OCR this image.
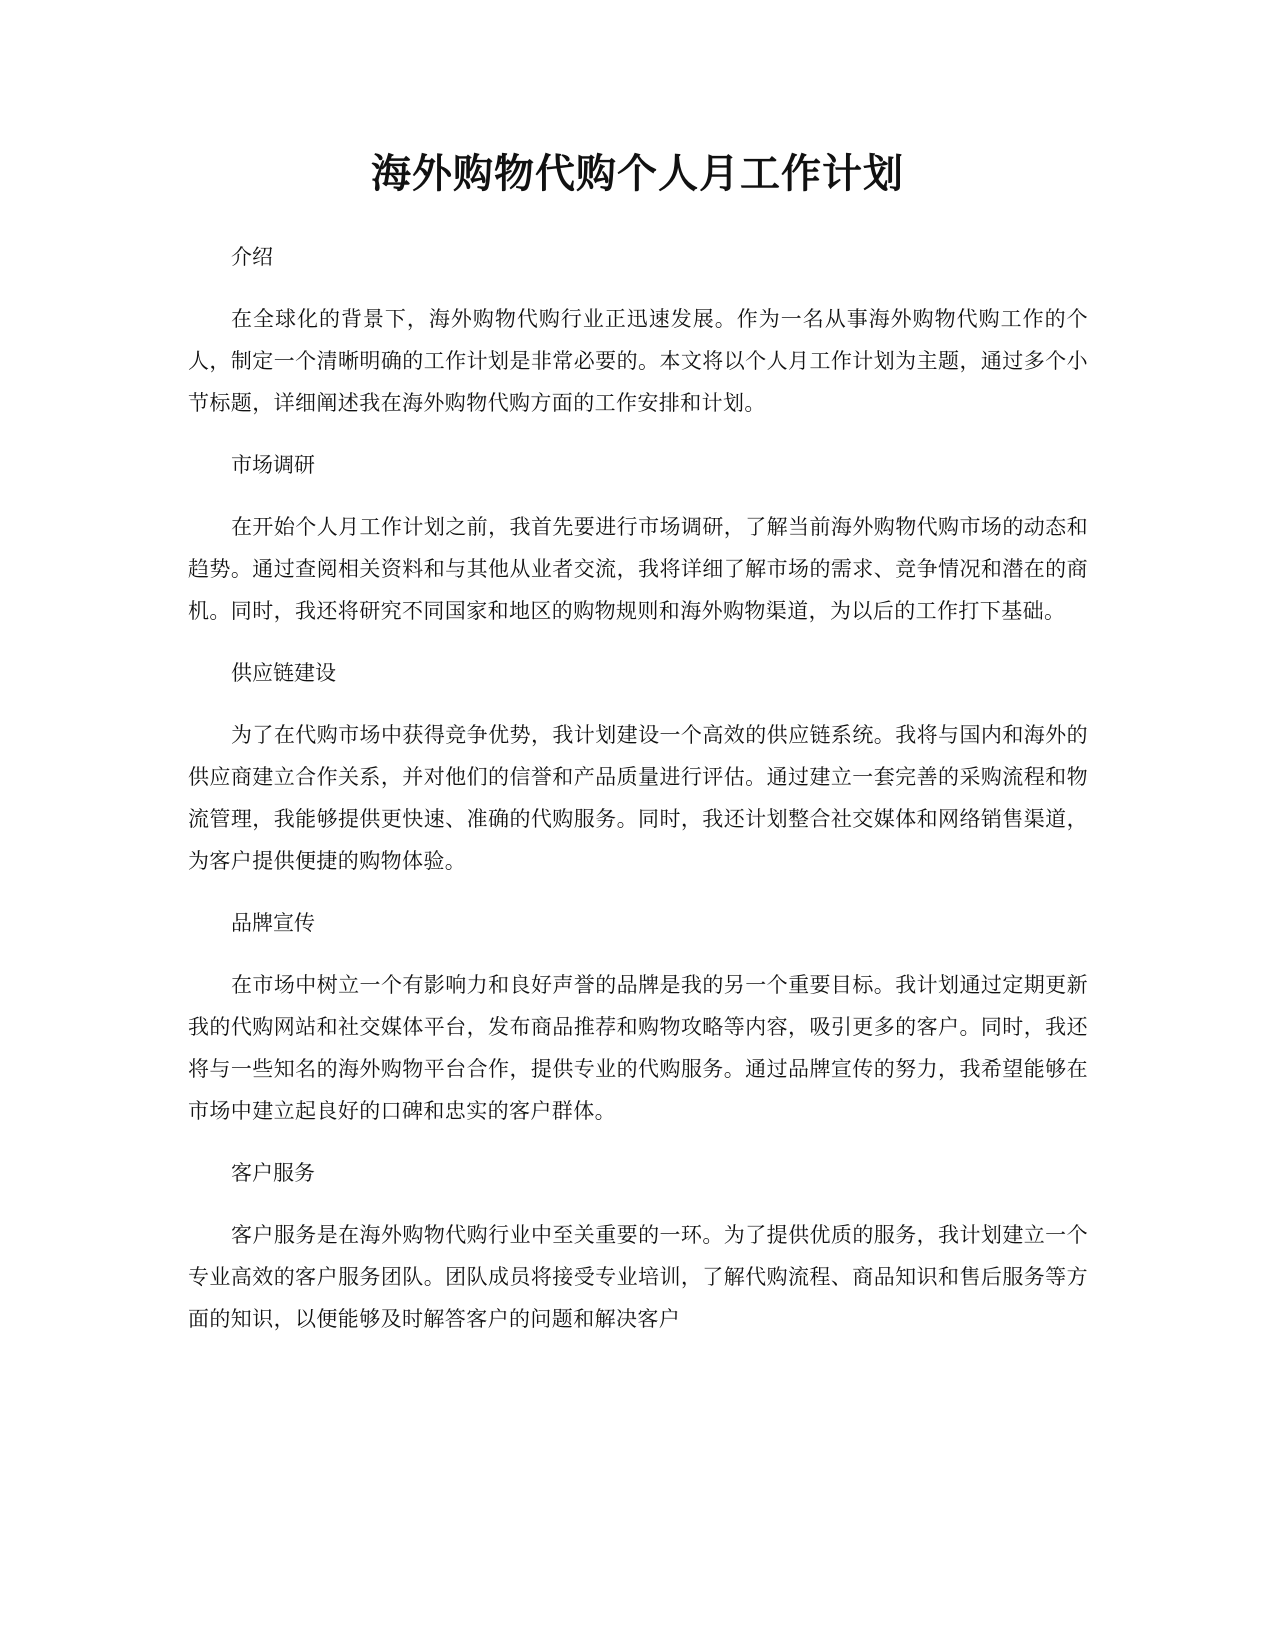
海外购物代购个人月工作计划

介绍

在全球化的背景下，海外购物代购行业正迅速发展。作为一名从事海外购物代购工作的个人，制定一个清晰明确的工作计划是非常必要的。本文将以个人月工作计划为主题，通过多个小节标题，详细阐述我在海外购物代购方面的工作安排和计划。

市场调研

在开始个人月工作计划之前，我首先要进行市场调研，了解当前海外购物代购市场的动态和趋势。通过查阅相关资料和与其他从业者交流，我将详细了解市场的需求、竞争情况和潜在的商机。同时，我还将研究不同国家和地区的购物规则和海外购物渠道，为以后的工作打下基础。

供应链建设

为了在代购市场中获得竞争优势，我计划建设一个高效的供应链系统。我将与国内和海外的供应商建立合作关系，并对他们的信誉和产品质量进行评估。通过建立一套完善的采购流程和物流管理，我能够提供更快速、准确的代购服务。同时，我还计划整合社交媒体和网络销售渠道，为客户提供便捷的购物体验。

品牌宣传

在市场中树立一个有影响力和良好声誉的品牌是我的另一个重要目标。我计划通过定期更新我的代购网站和社交媒体平台，发布商品推荐和购物攻略等内容，吸引更多的客户。同时，我还将与一些知名的海外购物平台合作，提供专业的代购服务。通过品牌宣传的努力，我希望能够在市场中建立起良好的口碑和忠实的客户群体。

客户服务

客户服务是在海外购物代购行业中至关重要的一环。为了提供优质的服务，我计划建立一个专业高效的客户服务团队。团队成员将接受专业培训，了解代购流程、商品知识和售后服务等方面的知识，以便能够及时解答客户的问题和解决客户
